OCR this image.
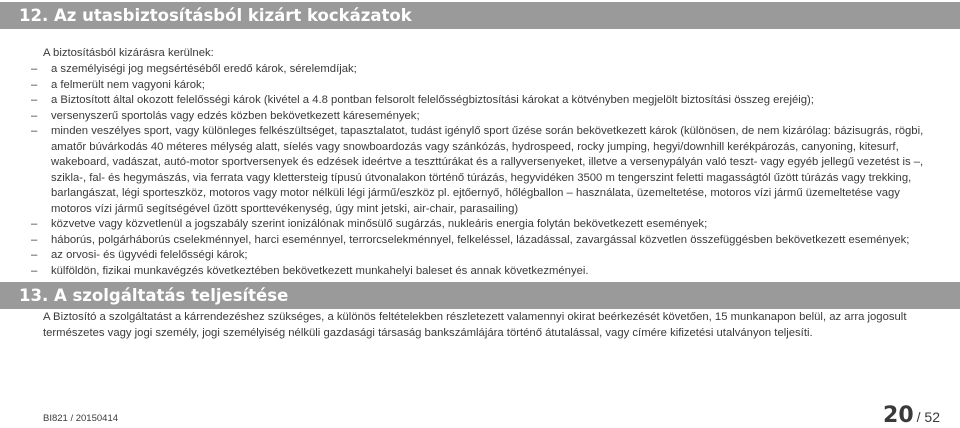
12. Az utasbiztosításból kizárt kockázatok
A biztosításból kizárásra kerülnek:
–	a személyiségi jog megsértéséből eredő károk, sérelemdíjak;
–	a felmerült nem vagyoni károk;
–	a Biztosított által okozott felelősségi károk (kivétel a 4.8 pontban felsorolt felelősségbiztosítási károkat a kötvényben megjelölt biztosítási összeg erejéig);
–	versenyszerű sportolás vagy edzés közben bekövetkezett káresemények;
–	minden veszélyes sport, vagy különleges felkészültséget, tapasztalatot, tudást igénylő sport űzése során bekövetkezett károk (különösen, de nem kizárólag: bázisugrás, rögbi, amatőr búvárkodás 40 méteres mélység alatt, síelés vagy snowboardozás vagy szánkózás, hydrospeed, rocky jumping, hegyi/downhill kerékpározás, canyoning, kitesurf, wakeboard, vadászat, autó-motor sportversenyek és edzések ideértve a teszttúrákat és a rallyversenyeket, illetve a versenypályán való teszt- vagy egyéb jellegű vezetést is –, szikla-, fal- és hegymászás, via ferrata vagy klettersteig típusú útvonalakon történő túrázás, hegyvidéken 3500 m tengerszint feletti magasságtól űzött túrázás vagy trekking, barlangászat, légi sporteszköz, motoros vagy motor nélküli légi jármű/eszköz pl. ejtőernyő, hőlégballon – használata, üzemeltetése, motoros vízi jármű üzemeltetése vagy motoros vízi jármű segítségével űzött sporttevékenység, úgy mint jetski, air-chair, parasailing)
–	közvetve vagy közvetlenül a jogszabály szerint ionizálónak minősülő sugárzás, nukleáris energia folytán bekövetkezett események;
–	háborús, polgárháborús cselekménnyel, harci eseménnyel, terrorcselekménnyel, felkeléssel, lázadással, zavargással közvetlen összefüggésben bekövetkezett események;
–	az orvosi- és ügyvédi felelősségi károk;
–	külföldön, fizikai munkavégzés következtében bekövetkezett munkahelyi baleset és annak következményei.
13. A szolgáltatás teljesítése
A Biztosító a szolgáltatást a kárrendezéshez szükséges, a különös feltételekben részletezett valamennyi okirat beérkezését követően, 15 munkanapon belül, az arra jogosult természetes vagy jogi személy, jogi személyiség nélküli gazdasági társaság bankszámlájára történő átutalással, vagy címére kifizetési utalványon teljesíti.
BI821 / 20150414	20 / 52
